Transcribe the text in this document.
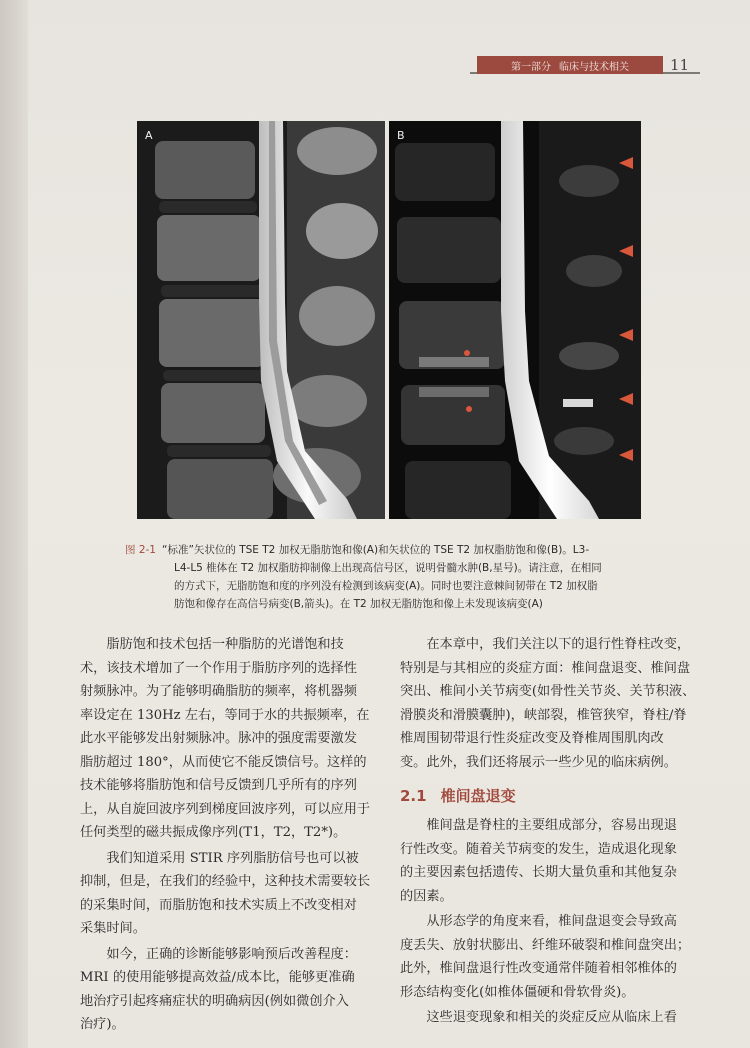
第一部分 临床与技术相关	11
A	B
图 2-1 “标准”矢状位的 TSE T2 加权无脂肪饱和像(A)和矢状位的 TSE T2 加权脂肪饱和像(B)。L3-
L4-L5 椎体在 T2 加权脂肪抑制像上出现高信号区，说明骨髓水肿(B,星号)。请注意，在相同
的方式下，无脂肪饱和度的序列没有检测到该病变(A)。同时也要注意棘间韧带在 T2 加权脂
肪饱和像存在高信号病变(B,箭头)。在 T2 加权无脂肪饱和像上未发现该病变(A)
　　脂肪饱和技术包括一种脂肪的光谱饱和技
术，该技术增加了一个作用于脂肪序列的选择性
射频脉冲。为了能够明确脂肪的频率，将机器频
率设定在 130Hz 左右，等同于水的共振频率，在
此水平能够发出射频脉冲。脉冲的强度需要激发
脂肪超过 180°，从而使它不能反馈信号。这样的
技术能够将脂肪饱和信号反馈到几乎所有的序列
上，从自旋回波序列到梯度回波序列，可以应用于
任何类型的磁共振成像序列(T1，T2，T2*)。
　　我们知道采用 STIR 序列脂肪信号也可以被
抑制，但是，在我们的经验中，这种技术需要较长
的采集时间，而脂肪饱和技术实质上不改变相对
采集时间。
　　如今，正确的诊断能够影响预后改善程度：
MRI 的使用能够提高效益/成本比，能够更准确
地治疗引起疼痛症状的明确病因(例如微创介入
治疗)。
　　在本章中，我们关注以下的退行性脊柱改变，
特别是与其相应的炎症方面：椎间盘退变、椎间盘
突出、椎间小关节病变(如骨性关节炎、关节积液、
滑膜炎和滑膜囊肿)，峡部裂，椎管狭窄，脊柱/脊
椎周围韧带退行性炎症改变及脊椎周围肌肉改
变。此外，我们还将展示一些少见的临床病例。
2.1 椎间盘退变
　　椎间盘是脊柱的主要组成部分，容易出现退
行性改变。随着关节病变的发生，造成退化现象
的主要因素包括遗传、长期大量负重和其他复杂
的因素。
　　从形态学的角度来看，椎间盘退变会导致高
度丢失、放射状膨出、纤维环破裂和椎间盘突出；
此外，椎间盘退行性改变通常伴随着相邻椎体的
形态结构变化(如椎体僵硬和骨软骨炎)。
　　这些退变现象和相关的炎症反应从临床上看
